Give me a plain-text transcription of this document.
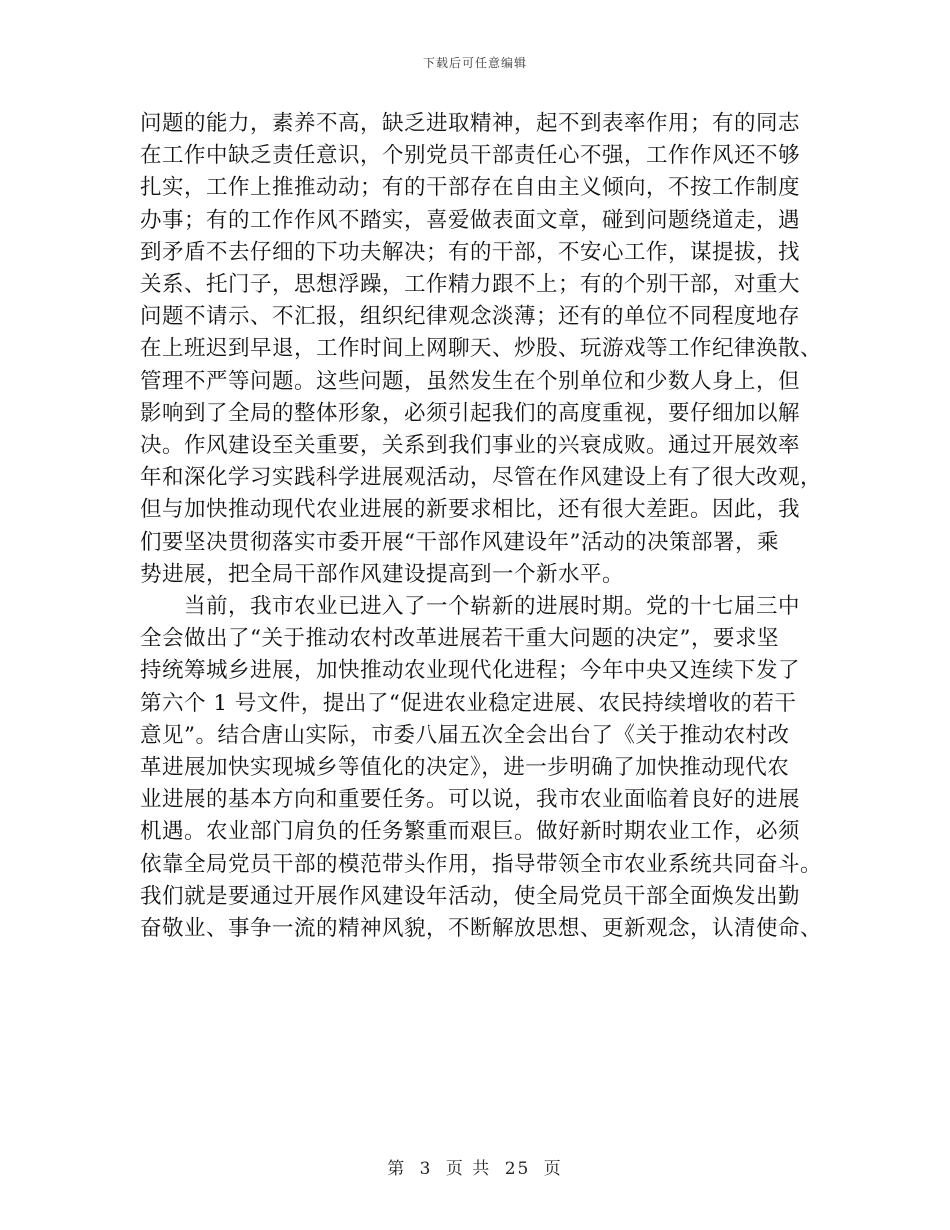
下载后可任意编辑
问题的能力，素养不高，缺乏进取精神，起不到表率作用；有的同志
在工作中缺乏责任意识，个别党员干部责任心不强，工作作风还不够
扎实，工作上推推动动；有的干部存在自由主义倾向，不按工作制度
办事；有的工作作风不踏实，喜爱做表面文章，碰到问题绕道走，遇
到矛盾不去仔细的下功夫解决；有的干部，不安心工作，谋提拔，找
关系、托门子，思想浮躁，工作精力跟不上；有的个别干部，对重大
问题不请示、不汇报，组织纪律观念淡薄；还有的单位不同程度地存
在上班迟到早退，工作时间上网聊天、炒股、玩游戏等工作纪律涣散、
管理不严等问题。这些问题，虽然发生在个别单位和少数人身上，但
影响到了全局的整体形象，必须引起我们的高度重视，要仔细加以解
决。作风建设至关重要，关系到我们事业的兴衰成败。通过开展效率
年和深化学习实践科学进展观活动，尽管在作风建设上有了很大改观，
但与加快推动现代农业进展的新要求相比，还有很大差距。因此，我
们要坚决贯彻落实市委开展“干部作风建设年”活动的决策部署，乘
势进展，把全局干部作风建设提高到一个新水平。
　　当前，我市农业已进入了一个崭新的进展时期。党的十七届三中
全会做出了“关于推动农村改革进展若干重大问题的决定”，要求坚
持统筹城乡进展，加快推动农业现代化进程；今年中央又连续下发了
第六个 1 号文件，提出了“促进农业稳定进展、农民持续增收的若干
意见”。结合唐山实际，市委八届五次全会出台了《关于推动农村改
革进展加快实现城乡等值化的决定》，进一步明确了加快推动现代农
业进展的基本方向和重要任务。可以说，我市农业面临着良好的进展
机遇。农业部门肩负的任务繁重而艰巨。做好新时期农业工作，必须
依靠全局党员干部的模范带头作用，指导带领全市农业系统共同奋斗。
我们就是要通过开展作风建设年活动，使全局党员干部全面焕发出勤
奋敬业、事争一流的精神风貌，不断解放思想、更新观念，认清使命、
第 3 页 共 25 页
